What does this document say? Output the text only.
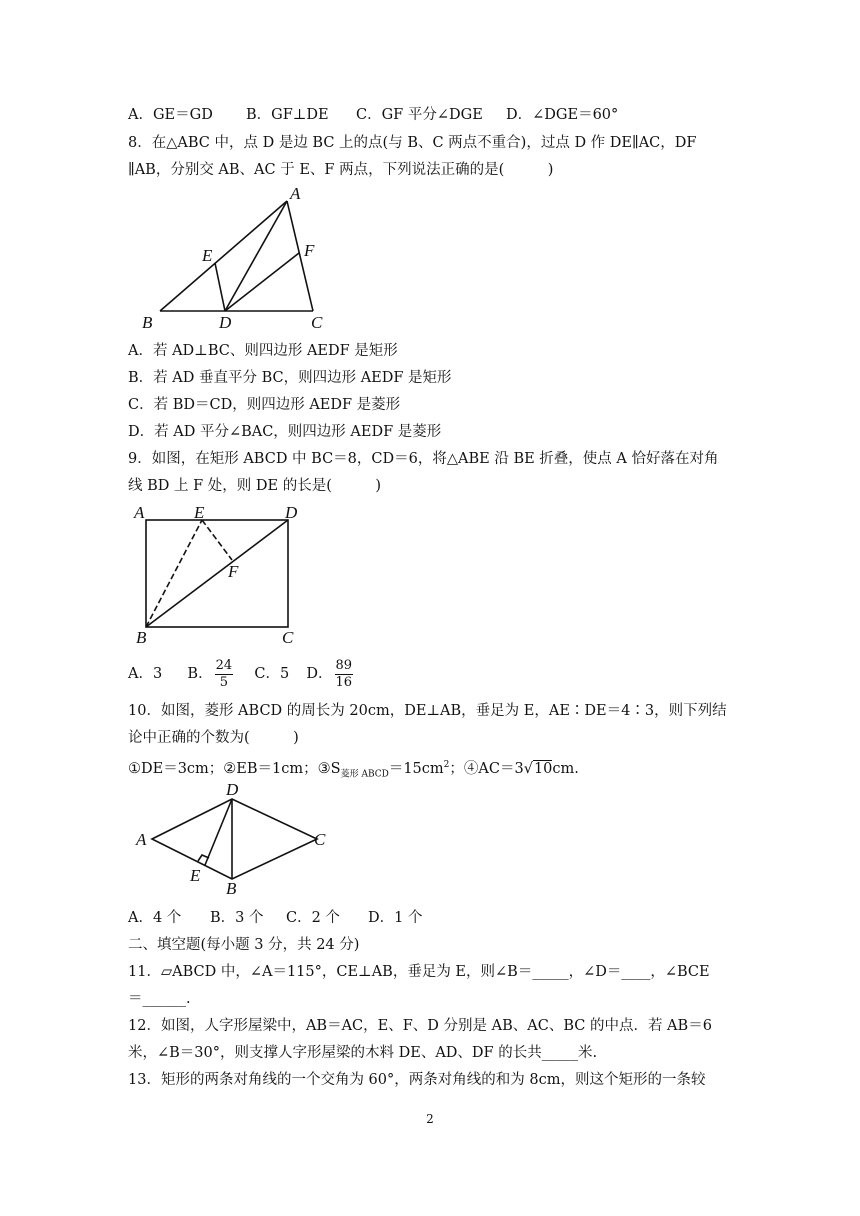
A．GE＝GD B．GF⊥DE C．GF 平分∠DGE D．∠DGE＝60°
8．在△ABC 中，点 D 是边 BC 上的点(与 B、C 两点不重合)，过点 D 作 DE∥AC，DF
∥AB，分别交 AB、AC 于 E、F 两点，下列说法正确的是(　　　)
A
B	C
D
E	F
A．若 AD⊥BC、则四边形 AEDF 是矩形
B．若 AD 垂直平分 BC，则四边形 AEDF 是矩形
C．若 BD＝CD，则四边形 AEDF 是菱形
D．若 AD 平分∠BAC，则四边形 AEDF 是菱形
9．如图，在矩形 ABCD 中 BC＝8，CD＝6，将△ABE 沿 BE 折叠，使点 A 恰好落在对角
线 BD 上 F 处，则 DE 的长是(　　　)
A	E	D
F
B	C
A．3 B． $\frac{24}{5}$ C．5 D． $\frac{89}{16}$
10．如图，菱形 ABCD 的周长为 20cm，DE⊥AB，垂足为 E，AE∶DE＝4∶3，则下列结
论中正确的个数为(　　　)
①DE＝3cm；②EB＝1cm；$③S_{菱形 ABCD}=15cm^2$；④AC＝3√10cm.
D
A	C
E
B
A．4 个 B．3 个 C．2 个 D．1 个
二、填空题(每小题 3 分，共 24 分)
11．▱ABCD 中，∠A＝115°，CE⊥AB，垂足为 E，则∠B＝_____，∠D＝____，∠BCE
＝______.
12．如图，人字形屋梁中，AB＝AC，E、F、D 分别是 AB、AC、BC 的中点．若 AB＝6
米，∠B＝30°，则支撑人字形屋梁的木料 DE、AD、DF 的长共_____米.
13．矩形的两条对角线的一个交角为 60°，两条对角线的和为 8cm，则这个矩形的一条较
2
